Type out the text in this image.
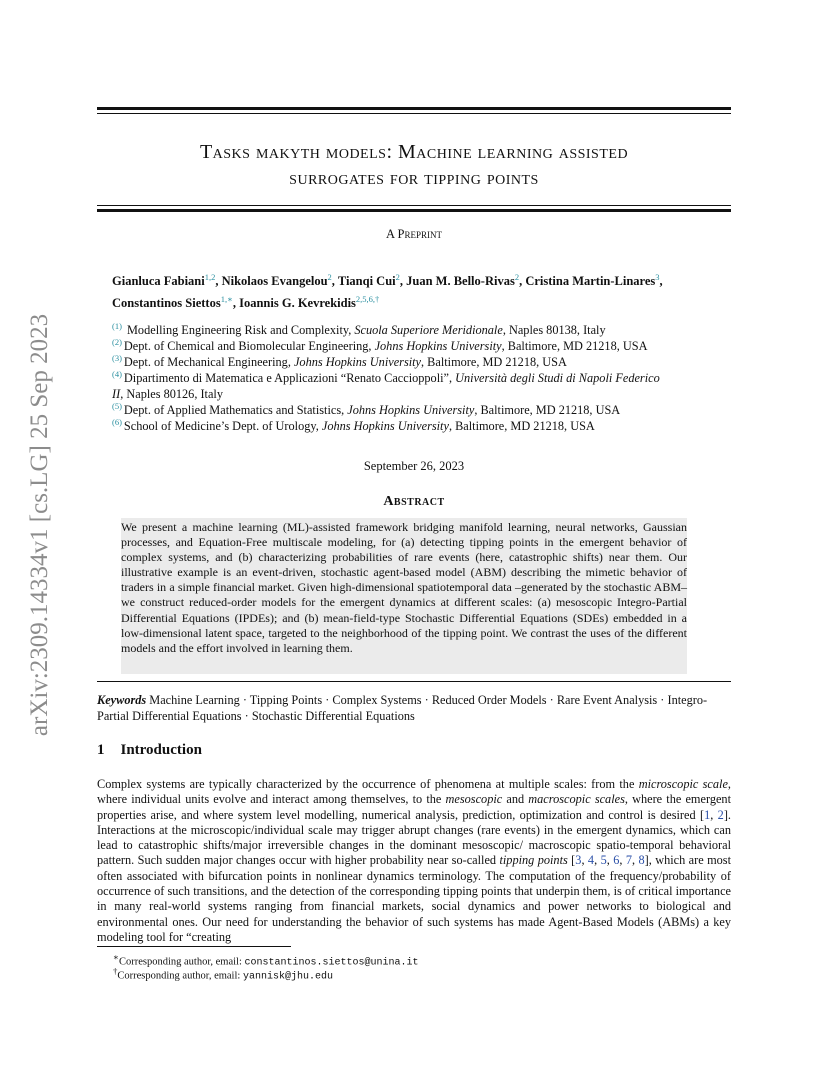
arXiv:2309.14334v1 [cs.LG] 25 Sep 2023
Tasks makyth models: Machine learning assisted
surrogates for tipping points
A Preprint
Gianluca Fabiani$^{1,2}$, Nikolaos Evangelou$^2$, Tianqi Cui$^2$, Juan M. Bello-Rivas$^2$, Cristina Martin-Linares$^3$,
Constantinos Siettos$^{1,∗}$, Ioannis G. Kevrekidis$^{2,5,6,\dagger}$
$^{(1)}$ Modelling Engineering Risk and Complexity, Scuola Superiore Meridionale, Naples 80138, Italy
$^{(2)}$ Dept. of Chemical and Biomolecular Engineering, Johns Hopkins University, Baltimore, MD 21218, USA
$^{(3)}$ Dept. of Mechanical Engineering, Johns Hopkins University, Baltimore, MD 21218, USA
$^{(4)}$ Dipartimento di Matematica e Applicazioni “Renato Caccioppoli”, Università degli Studi di Napoli Federico II, Naples 80126, Italy
$^{(5)}$ Dept. of Applied Mathematics and Statistics, Johns Hopkins University, Baltimore, MD 21218, USA
$^{(6)}$ School of Medicine’s Dept. of Urology, Johns Hopkins University, Baltimore, MD 21218, USA
September 26, 2023
Abstract
We present a machine learning (ML)-assisted framework bridging manifold learning, neural networks, Gaussian processes, and Equation-Free multiscale modeling, for (a) detecting tipping points in the emergent behavior of complex systems, and (b) characterizing probabilities of rare events (here, catastrophic shifts) near them. Our illustrative example is an event-driven, stochastic agent-based model (ABM) describing the mimetic behavior of traders in a simple financial market. Given high-dimensional spatiotemporal data –generated by the stochastic ABM– we construct reduced-order models for the emergent dynamics at different scales: (a) mesoscopic Integro-Partial Differential Equations (IPDEs); and (b) mean-field-type Stochastic Differential Equations (SDEs) embedded in a low-dimensional latent space, targeted to the neighborhood of the tipping point. We contrast the uses of the different models and the effort involved in learning them.
Keywords Machine Learning · Tipping Points · Complex Systems · Reduced Order Models · Rare Event Analysis · Integro-Partial Differential Equations · Stochastic Differential Equations
1 Introduction
Complex systems are typically characterized by the occurrence of phenomena at multiple scales: from the microscopic scale, where individual units evolve and interact among themselves, to the mesoscopic and macroscopic scales, where the emergent properties arise, and where system level modelling, numerical analysis, prediction, optimization and control is desired [1, 2]. Interactions at the microscopic/individual scale may trigger abrupt changes (rare events) in the emergent dynamics, which can lead to catastrophic shifts/major irreversible changes in the dominant mesoscopic/ macroscopic spatio-temporal behavioral pattern. Such sudden major changes occur with higher probability near so-called tipping points [3, 4, 5, 6, 7, 8], which are most often associated with bifurcation points in nonlinear dynamics terminology. The computation of the frequency/probability of occurrence of such transitions, and the detection of the corresponding tipping points that underpin them, is of critical importance in many real-world systems ranging from financial markets, social dynamics and power networks to biological and environmental ones. Our need for understanding the behavior of such systems has made Agent-Based Models (ABMs) a key modeling tool for “creating
∗Corresponding author, email: constantinos.siettos@unina.it
†Corresponding author, email: yannisk@jhu.edu
